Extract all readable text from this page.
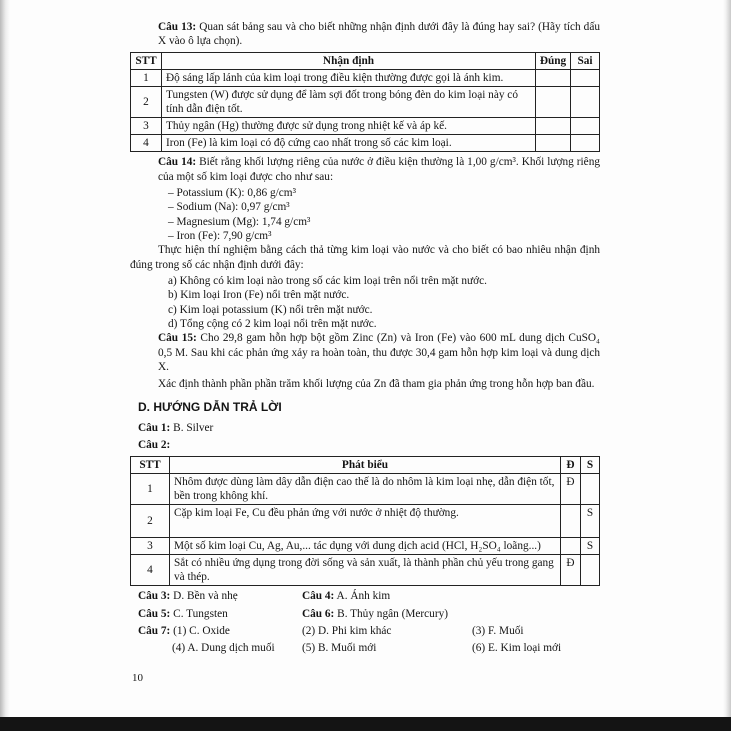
Câu 13: Quan sát bảng sau và cho biết những nhận định dưới đây là đúng hay sai? (Hãy tích dấu X vào ô lựa chọn).

STT	Nhận định	Đúng	Sai
1	Độ sáng lấp lánh của kim loại trong điều kiện thường được gọi là ánh kim.		
2	Tungsten (W) được sử dụng để làm sợi đốt trong bóng đèn do kim loại này có tính dẫn điện tốt.		
3	Thủy ngân (Hg) thường được sử dụng trong nhiệt kế và áp kế.		
4	Iron (Fe) là kim loại có độ cứng cao nhất trong số các kim loại.		

Câu 14: Biết rằng khối lượng riêng của nước ở điều kiện thường là 1,00 g/cm³. Khối lượng riêng của một số kim loại được cho như sau:

– Potassium (K): 0,86 g/cm³

– Sodium (Na): 0,97 g/cm³

– Magnesium (Mg): 1,74 g/cm³

– Iron (Fe): 7,90 g/cm³

Thực hiện thí nghiệm bằng cách thả từng kim loại vào nước và cho biết có bao nhiêu nhận định đúng trong số các nhận định dưới đây:

a) Không có kim loại nào trong số các kim loại trên nổi trên mặt nước.

b) Kim loại Iron (Fe) nổi trên mặt nước.

c) Kim loại potassium (K) nổi trên mặt nước.

d) Tổng cộng có 2 kim loại nổi trên mặt nước.

Câu 15: Cho 29,8 gam hỗn hợp bột gồm Zinc (Zn) và Iron (Fe) vào 600 mL dung dịch CuSO₄ 0,5 M. Sau khi các phản ứng xảy ra hoàn toàn, thu được 30,4 gam hỗn hợp kim loại và dung dịch X.

Xác định thành phần phần trăm khối lượng của Zn đã tham gia phản ứng trong hỗn hợp ban đầu.

D. HƯỚNG DẪN TRẢ LỜI

Câu 1: B. Silver

Câu 2:

STT	Phát biểu	Đ	S
1	Nhôm được dùng làm dây dẫn điện cao thế là do nhôm là kim loại nhẹ, dẫn điện tốt, bền trong không khí.	Đ	
2	Cặp kim loại Fe, Cu đều phản ứng với nước ở nhiệt độ thường.		S
3	Một số kim loại Cu, Ag, Au,... tác dụng với dung dịch acid (HCl, H₂SO₄ loãng...)		S
4	Sắt có nhiều ứng dụng trong đời sống và sản xuất, là thành phần chủ yếu trong gang và thép.	Đ	
Câu 3: D. Bền và nhẹ	Câu 4: A. Ánh kim
Câu 5: C. Tungsten	Câu 6: B. Thủy ngân (Mercury)
Câu 7: (1) C. Oxide	(2) D. Phi kim khác	(3) F. Muối
(4) A. Dung dịch muối	(5) B. Muối mới	(6) E. Kim loại mới

10
